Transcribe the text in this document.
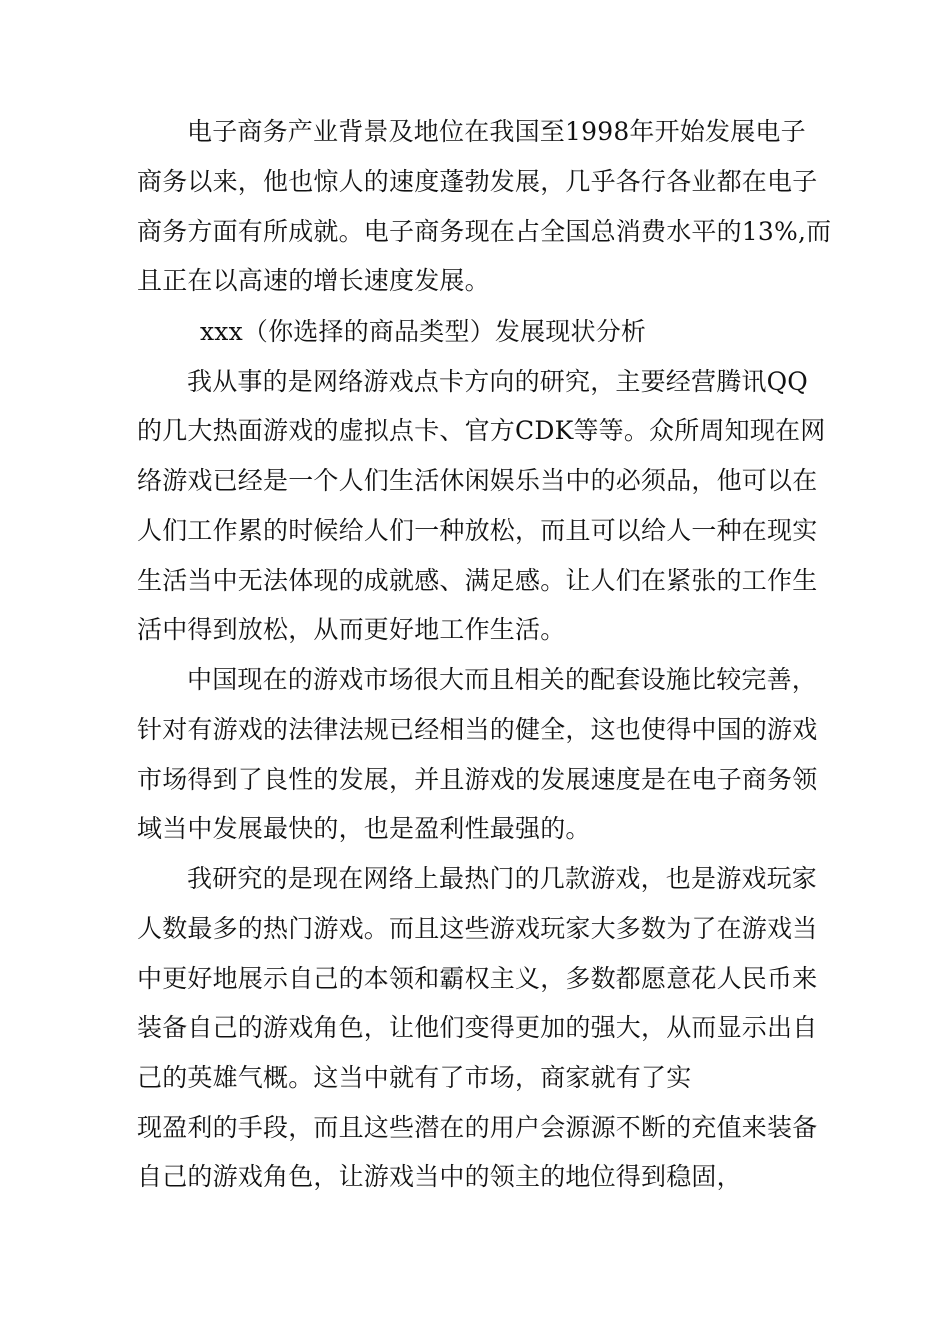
电子商务产业背景及地位在我国至1998年开始发展电子
商务以来，他也惊人的速度蓬勃发展，几乎各行各业都在电子
商务方面有所成就。电子商务现在占全国总消费水平的13%,而
且正在以高速的增长速度发展。
xxx（你选择的商品类型）发展现状分析
我从事的是网络游戏点卡方向的研究，主要经营腾讯QQ
的几大热面游戏的虚拟点卡、官方CDK等等。众所周知现在网
络游戏已经是一个人们生活休闲娱乐当中的必须品，他可以在
人们工作累的时候给人们一种放松，而且可以给人一种在现实
生活当中无法体现的成就感、满足感。让人们在紧张的工作生
活中得到放松，从而更好地工作生活。
中国现在的游戏市场很大而且相关的配套设施比较完善，
针对有游戏的法律法规已经相当的健全，这也使得中国的游戏
市场得到了良性的发展，并且游戏的发展速度是在电子商务领
域当中发展最快的，也是盈利性最强的。
我研究的是现在网络上最热门的几款游戏，也是游戏玩家
人数最多的热门游戏。而且这些游戏玩家大多数为了在游戏当
中更好地展示自己的本领和霸权主义，多数都愿意花人民币来
装备自己的游戏角色，让他们变得更加的强大，从而显示出自
己的英雄气概。这当中就有了市场，商家就有了实
现盈利的手段，而且这些潜在的用户会源源不断的充值来装备
自己的游戏角色，让游戏当中的领主的地位得到稳固，
